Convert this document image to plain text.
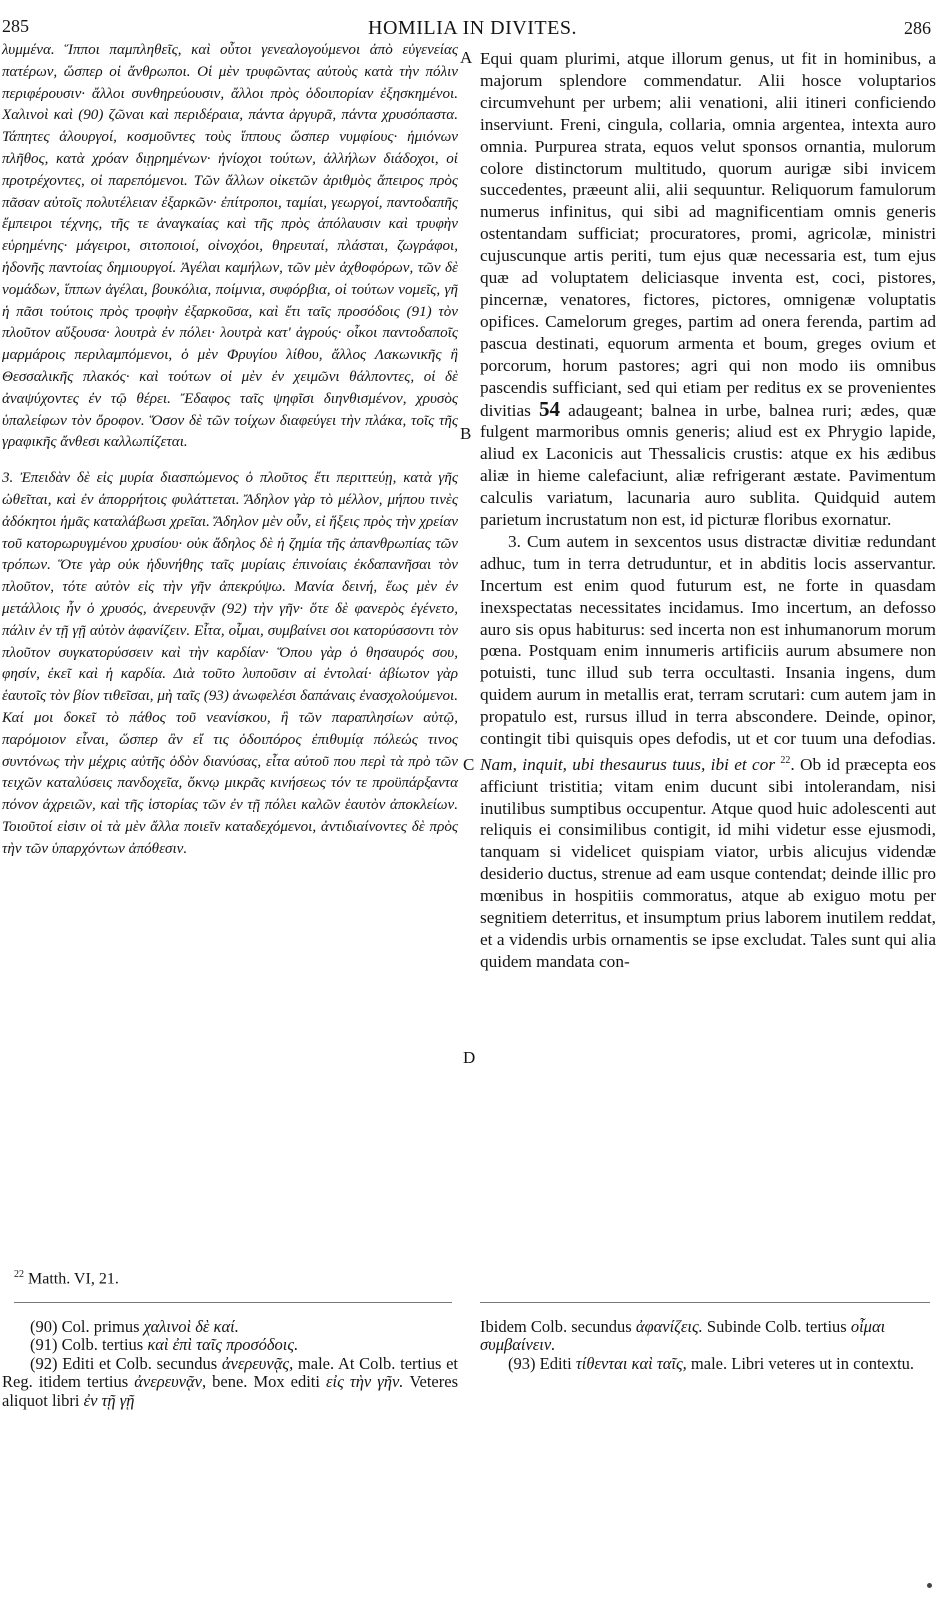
285	HOMILIA IN DIVITES.	286
A
B
C
D

λυμμένα. Ἵπποι παμπληθεῖς, καὶ οὗτοι γενεαλογούμενοι ἀπὸ εὐγενείας πατέρων, ὥσπερ οἱ ἄνθρωποι. Οἱ μὲν τρυφῶντας αὐτοὺς κατὰ τὴν πόλιν περιφέρουσιν· ἄλλοι συνθηρεύουσιν, ἄλλοι πρὸς ὁδοιπορίαν ἐξησκημένοι. Χαλινοὶ καὶ (90) ζῶναι καὶ περιδέραια, πάντα ἀργυρᾶ, πάντα χρυσόπαστα. Τάπητες ἁλουργοί, κοσμοῦντες τοὺς ἵππους ὥσπερ νυμφίους· ἡμιόνων πλῆθος, κατὰ χρόαν διῃρημένων· ἡνίοχοι τούτων, ἀλλήλων διάδοχοι, οἱ προτρέχοντες, οἱ παρεπόμενοι. Τῶν ἄλλων οἰκετῶν ἀριθμὸς ἄπειρος πρὸς πᾶσαν αὐτοῖς πολυτέλειαν ἐξαρκῶν· ἐπίτροποι, ταμίαι, γεωργοί, παντοδαπῆς ἔμπειροι τέχνης, τῆς τε ἀναγκαίας καὶ τῆς πρὸς ἀπόλαυσιν καὶ τρυφὴν εὑρημένης· μάγειροι, σιτοποιοί, οἰνοχόοι, θηρευταί, πλάσται, ζωγράφοι, ἡδονῆς παντοίας δημιουργοί. Ἀγέλαι καμήλων, τῶν μὲν ἀχθοφόρων, τῶν δὲ νομάδων, ἵππων ἀγέλαι, βουκόλια, ποίμνια, συφόρβια, οἱ τούτων νομεῖς, γῆ ἡ πᾶσι τούτοις πρὸς τροφὴν ἐξαρκοῦσα, καὶ ἔτι ταῖς προσόδοις (91) τὸν πλοῦτον αὔξουσα· λουτρὰ ἐν πόλει· λουτρὰ κατ' ἀγρούς· οἶκοι παντοδαποῖς μαρμάροις περιλαμπόμενοι, ὁ μὲν Φρυγίου λίθου, ἄλλος Λακωνικῆς ἢ Θεσσαλικῆς πλακός· καὶ τούτων οἱ μὲν ἐν χειμῶνι θάλποντες, οἱ δὲ ἀναψύχοντες ἐν τῷ θέρει. Ἔδαφος ταῖς ψηφῖσι διηνθισμένον, χρυσὸς ὑπαλείφων τὸν ὄροφον. Ὅσον δὲ τῶν τοίχων διαφεύγει τὴν πλάκα, τοῖς τῆς γραφικῆς ἄνθεσι καλλωπίζεται.

3. Ἐπειδὰν δὲ εἰς μυρία διασπώμενος ὁ πλοῦτος ἔτι περιττεύῃ, κατὰ γῆς ὠθεῖται, καὶ ἐν ἀπορρήτοις φυλάττεται. Ἄδηλον γὰρ τὸ μέλλον, μήπου τινὲς ἀδόκητοι ἡμᾶς καταλάβωσι χρεῖαι. Ἄδηλον μὲν οὖν, εἰ ἥξεις πρὸς τὴν χρείαν τοῦ κατορωρυγμένου χρυσίου· οὐκ ἄδηλος δὲ ἡ ζημία τῆς ἀπανθρωπίας τῶν τρόπων. Ὅτε γὰρ οὐκ ἠδυνήθης ταῖς μυρίαις ἐπινοίαις ἐκδαπανῆσαι τὸν πλοῦτον, τότε αὐτὸν εἰς τὴν γῆν ἀπεκρύψω. Μανία δεινή, ἕως μὲν ἐν μετάλλοις ἦν ὁ χρυσός, ἀνερευνᾷν (92) τὴν γῆν· ὅτε δὲ φανερὸς ἐγένετο, πάλιν ἐν τῇ γῇ αὐτὸν ἀφανίζειν. Εἶτα, οἶμαι, συμβαίνει σοι κατορύσσοντι τὸν πλοῦτον συγκατορύσσειν καὶ τὴν καρδίαν· Ὅπου γὰρ ὁ θησαυρός σου, φησίν, ἐκεῖ καὶ ἡ καρδία. Διὰ τοῦτο λυποῦσιν αἱ ἐντολαί· ἀβίωτον γὰρ ἑαυτοῖς τὸν βίον τιθεῖσαι, μὴ ταῖς (93) ἀνωφελέσι δαπάναις ἐνασχολούμενοι. Καί μοι δοκεῖ τὸ πάθος τοῦ νεανίσκου, ἢ τῶν παραπλησίων αὐτῷ, παρόμοιον εἶναι, ὥσπερ ἂν εἴ τις ὁδοιπόρος ἐπιθυμίᾳ πόλεώς τινος συντόνως τὴν μέχρις αὐτῆς ὁδὸν διανύσας, εἶτα αὐτοῦ που περὶ τὰ πρὸ τῶν τειχῶν καταλύσεις πανδοχεῖα, ὄκνῳ μικρᾶς κινήσεως τόν τε προϋπάρξαντα πόνον ἀχρειῶν, καὶ τῆς ἱστορίας τῶν ἐν τῇ πόλει καλῶν ἑαυτὸν ἀποκλείων. Τοιοῦτοί εἰσιν οἱ τὰ μὲν ἄλλα ποιεῖν καταδεχόμενοι, ἀντιδιαίνοντες δὲ πρὸς τὴν τῶν ὑπαρχόντων ἀπόθεσιν.

Equi quam plurimi, atque illorum genus, ut fit in hominibus, a majorum splendore commendatur. Alii hosce voluptarios circumvehunt per urbem; alii venationi, alii itineri conficiendo inserviunt. Freni, cingula, collaria, omnia argentea, intexta auro omnia. Purpurea strata, equos velut sponsos ornantia, mulorum colore distinctorum multitudo, quorum aurigæ sibi invicem succedentes, præeunt alii, alii sequuntur. Reliquorum famulorum numerus infinitus, qui sibi ad magnificentiam omnis generis ostentandam sufficiat; procuratores, promi, agricolæ, ministri cujuscunque artis periti, tum ejus quæ necessaria est, tum ejus quæ ad voluptatem deliciasque inventa est, coci, pistores, pincernæ, venatores, fictores, pictores, omnigenæ voluptatis opifices. Camelorum greges, partim ad onera ferenda, partim ad pascua destinati, equorum armenta et boum, greges ovium et porcorum, horum pastores; agri qui non modo iis omnibus pascendis sufficiant, sed qui etiam per reditus ex se provenientes divitias 54 adaugeant; balnea in urbe, balnea ruri; ædes, quæ fulgent marmoribus omnis generis; aliud est ex Phrygio lapide, aliud ex Laconicis aut Thessalicis crustis: atque ex his ædibus aliæ in hieme calefaciunt, aliæ refrigerant æstate. Pavimentum calculis variatum, lacunaria auro sublita. Quidquid autem parietum incrustatum non est, id picturæ floribus exornatur.

3. Cum autem in sexcentos usus distractæ divitiæ redundant adhuc, tum in terra detruduntur, et in abditis locis asservantur. Incertum est enim quod futurum est, ne forte in quasdam inexspectatas necessitates incidamus. Imo incertum, an defosso auro sis opus habiturus: sed incerta non est inhumanorum morum pœna. Postquam enim innumeris artificiis aurum absumere non potuisti, tunc illud sub terra occultasti. Insania ingens, dum quidem aurum in metallis erat, terram scrutari: cum autem jam in propatulo est, rursus illud in terra abscondere. Deinde, opinor, contingit tibi quisquis opes defodis, ut et cor tuum una defodias. Nam, inquit, ubi thesaurus tuus, ibi et cor $^{22}$. Ob id præcepta eos afficiunt tristitia; vitam enim ducunt sibi intolerandam, nisi inutilibus sumptibus occupentur. Atque quod huic adolescenti aut reliquis ei consimilibus contigit, id mihi videtur esse ejusmodi, tanquam si videlicet quispiam viator, urbis alicujus videndæ desiderio ductus, strenue ad eam usque contendat; deinde illic pro mœnibus in hospitiis commoratus, atque ab exiguo motu per segnitiem deterritus, et insumptum prius laborem inutilem reddat, et a videndis urbis ornamentis se ipse excludat. Tales sunt qui alia quidem mandata con-

$^{22}$ Matth. VI, 21.

(90) Col. primus χαλινοὶ δὲ καί.

(91) Colb. tertius καὶ ἐπὶ ταῖς προσόδοις.

(92) Editi et Colb. secundus ἀνερευνᾷς, male. At Colb. tertius et Reg. itidem tertius ἀνερευνᾷν, bene. Mox editi εἰς τὴν γῆν. Veteres aliquot libri ἐν τῇ γῇ

Ibidem Colb. secundus ἀφανίζεις. Subinde Colb. tertius οἶμαι συμβαίνειν.

(93) Editi τίθενται καὶ ταῖς, male. Libri veteres ut in contextu.
